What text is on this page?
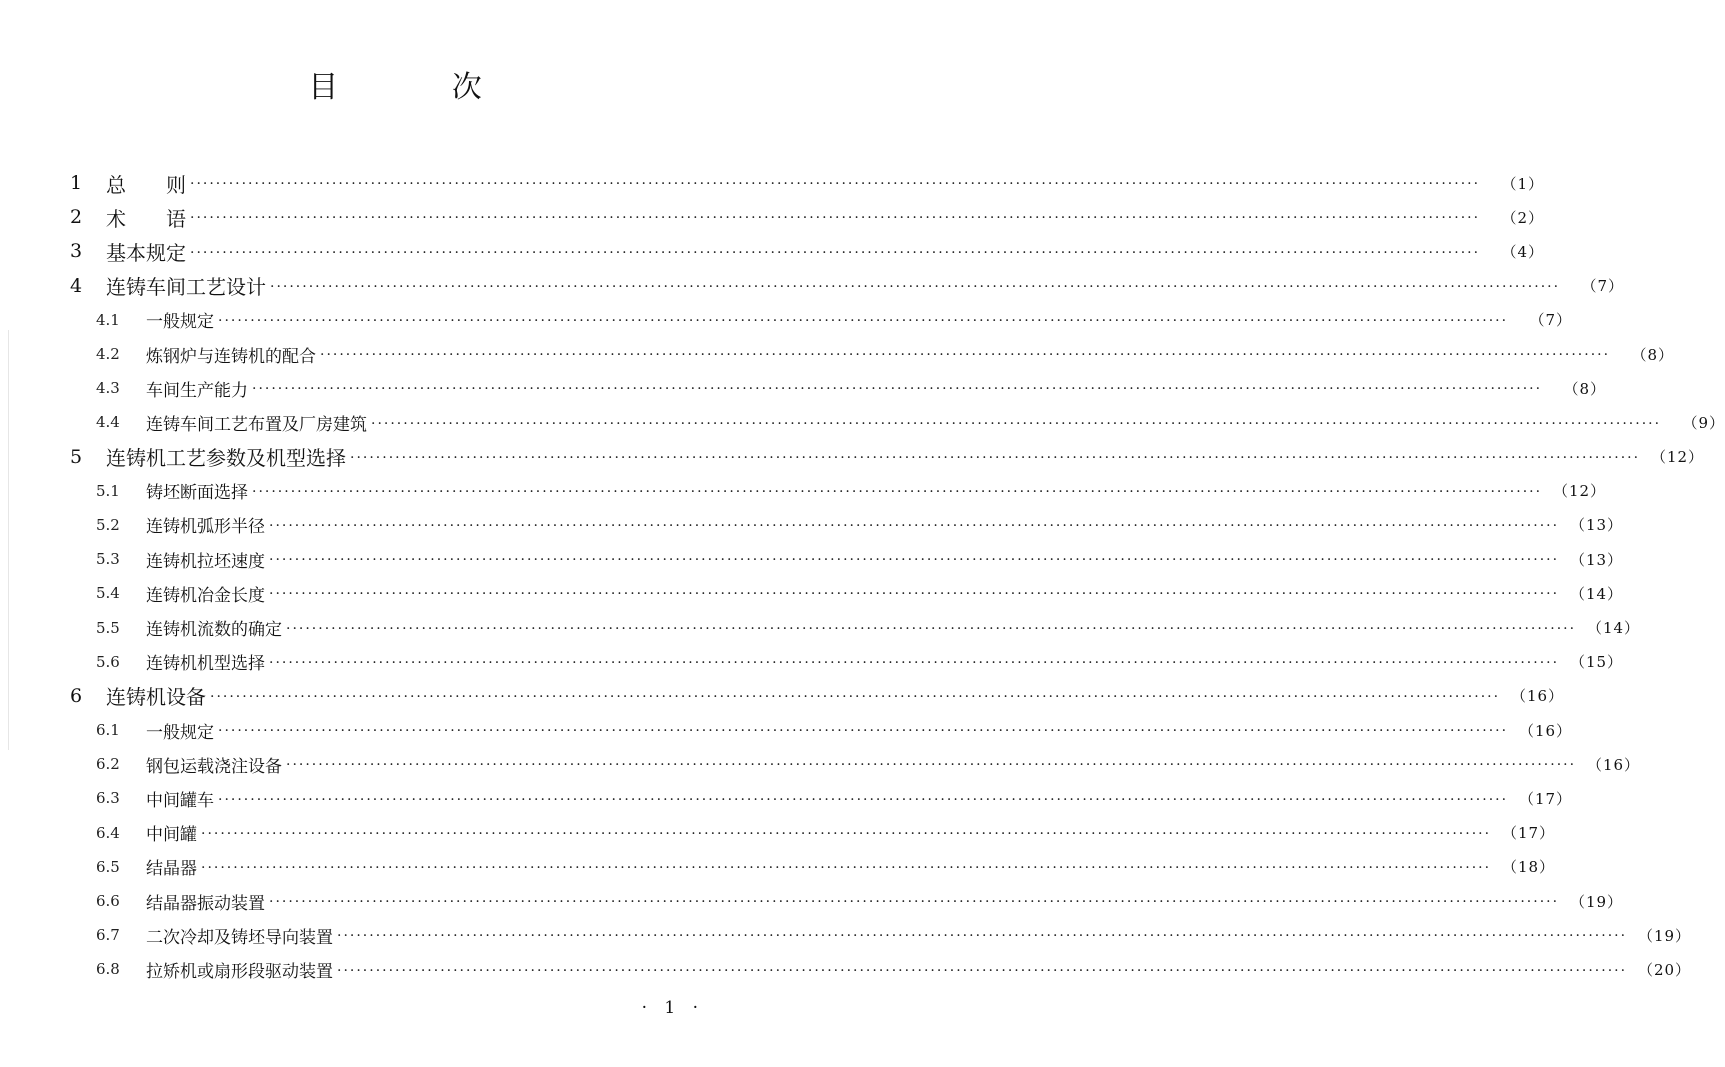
目 次
1	总　　则 ········································································································································································································	（1）
2	术　　语 ········································································································································································································	（2）
3	基本规定 ········································································································································································································	（4）
4	连铸车间工艺设计 ········································································································································································································	（7）
4.1	一般规定 ········································································································································································································	（7）
4.2	炼钢炉与连铸机的配合 ········································································································································································································	（8）
4.3	车间生产能力 ········································································································································································································	（8）
4.4	连铸车间工艺布置及厂房建筑 ········································································································································································································	（9）
5	连铸机工艺参数及机型选择 ········································································································································································································ （12）
5.1	铸坯断面选择 ········································································································································································································ （12）
5.2	连铸机弧形半径 ········································································································································································································ （13）
5.3	连铸机拉坯速度 ········································································································································································································ （13）
5.4	连铸机冶金长度 ········································································································································································································ （14）
5.5	连铸机流数的确定 ········································································································································································································ （14）
5.6	连铸机机型选择 ········································································································································································································ （15）
6	连铸机设备 ········································································································································································································ （16）
6.1	一般规定 ········································································································································································································ （16）
6.2	钢包运载浇注设备 ········································································································································································································ （16）
6.3	中间罐车 ········································································································································································································ （17）
6.4	中间罐 ········································································································································································································ （17）
6.5	结晶器 ········································································································································································································ （18）
6.6	结晶器振动装置 ········································································································································································································ （19）
6.7	二次冷却及铸坯导向装置 ········································································································································································································ （19）
6.8	拉矫机或扇形段驱动装置 ········································································································································································································ （20）
· 1 ·
